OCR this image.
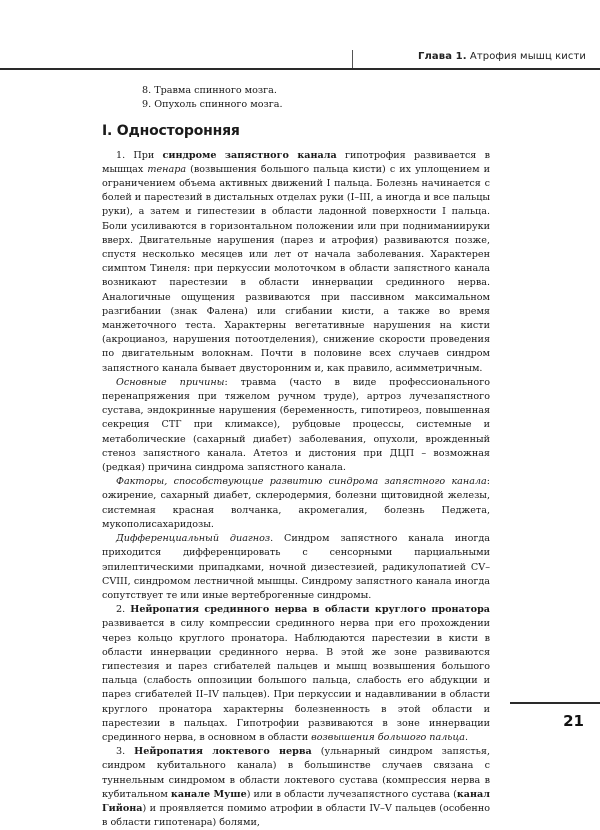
Глава 1. Атрофия мышц кисти

8. Травма спинного мозга.

9. Опухоль спинного мозга.

I. Односторонняя

1. При синдроме запястного канала гипотрофия развивается в мышцах тенара (возвышения большого пальца кисти) с их уплощением и ограничением объема активных движений I пальца. Болезнь начинается с болей и парестезий в дистальных отделах руки (I–III, а иногда и все пальцы руки), а затем и гипестезии в области ладонной поверхности I пальца. Боли усиливаются в горизонтальном положении или при подниманииpуки вверх. Двигательные нарушения (парез и атрофия) развиваются позже, спустя несколько месяцев или лет от начала заболевания. Характерен симптом Тинеля: при перкуссии молоточком в области запястного канала возникают парестезии в области иннервации срединного нерва. Аналогичные ощущения развиваются при пассивном максимальном разгибании (знак Фалена) или сгибании кисти, а также во время манжеточного теста. Характерны вегетативные нарушения на кисти (акроцианоз, нарушения потоотделения), снижение скорости проведения по двигательным волокнам. Почти в половине всех случаев синдром запястного канала бывает двусторонним и, как правило, асимметричным.

Основные причины: травма (часто в виде профессионального перенапряжения при тяжелом ручном труде), артроз лучезапястного сустава, эндокринные нарушения (беременность, гипотиреоз, повышенная секреция СТГ при климаксе), рубцовые процессы, системные и метаболические (сахарный диабет) заболевания, опухоли, врожденный стеноз запястного канала. Атетоз и дистония при ДЦП – возможная (редкая) причина синдрома запястного канала.

Факторы, способствующие развитию синдрома запястного канала: ожирение, сахарный диабет, склеродермия, болезни щитовидной железы, системная красная волчанка, акромегалия, болезнь Педжета, мукополисахаридозы.

Дифференциальный диагноз. Синдром запястного канала иногда приходится дифференцировать с сенсорными парциальными эпилептическими припадками, ночной дизестезией, радикулопатией CV–CVIII, синдромом лестничной мышцы. Синдрому запястного канала иногда сопутствует те или иные вертеброгенные синдромы.

2. Нейропатия срединного нерва в области круглого пронатора развивается в силу компрессии срединного нерва при его прохождении через кольцо круглого пронатора. Наблюдаются парестезии в кисти в области иннервации срединного нерва. В этой же зоне развиваются гипестезия и парез сгибателей пальцев и мышц возвышения большого пальца (слабость оппозиции большого пальца, слабость его абдукции и парез сгибателей II–IV пальцев). При перкуссии и надавливании в области круглого пронатора характерны болезненность в этой области и парестезии в пальцах. Гипотрофии развиваются в зоне иннервации срединного нерва, в основном в области возвышения большого пальца.

3. Нейропатия локтевого нерва (ульнарный синдром запястья, синдром кубитального канала) в большинстве случаев связана с туннельным синдромом в области локтевого сустава (компрессия нерва в кубитальном канале Муше) или в области лучезапястного сустава (канал Гийона) и проявляется помимо атрофии в области IV–V пальцев (особенно в области гипотенара) болями,

21
